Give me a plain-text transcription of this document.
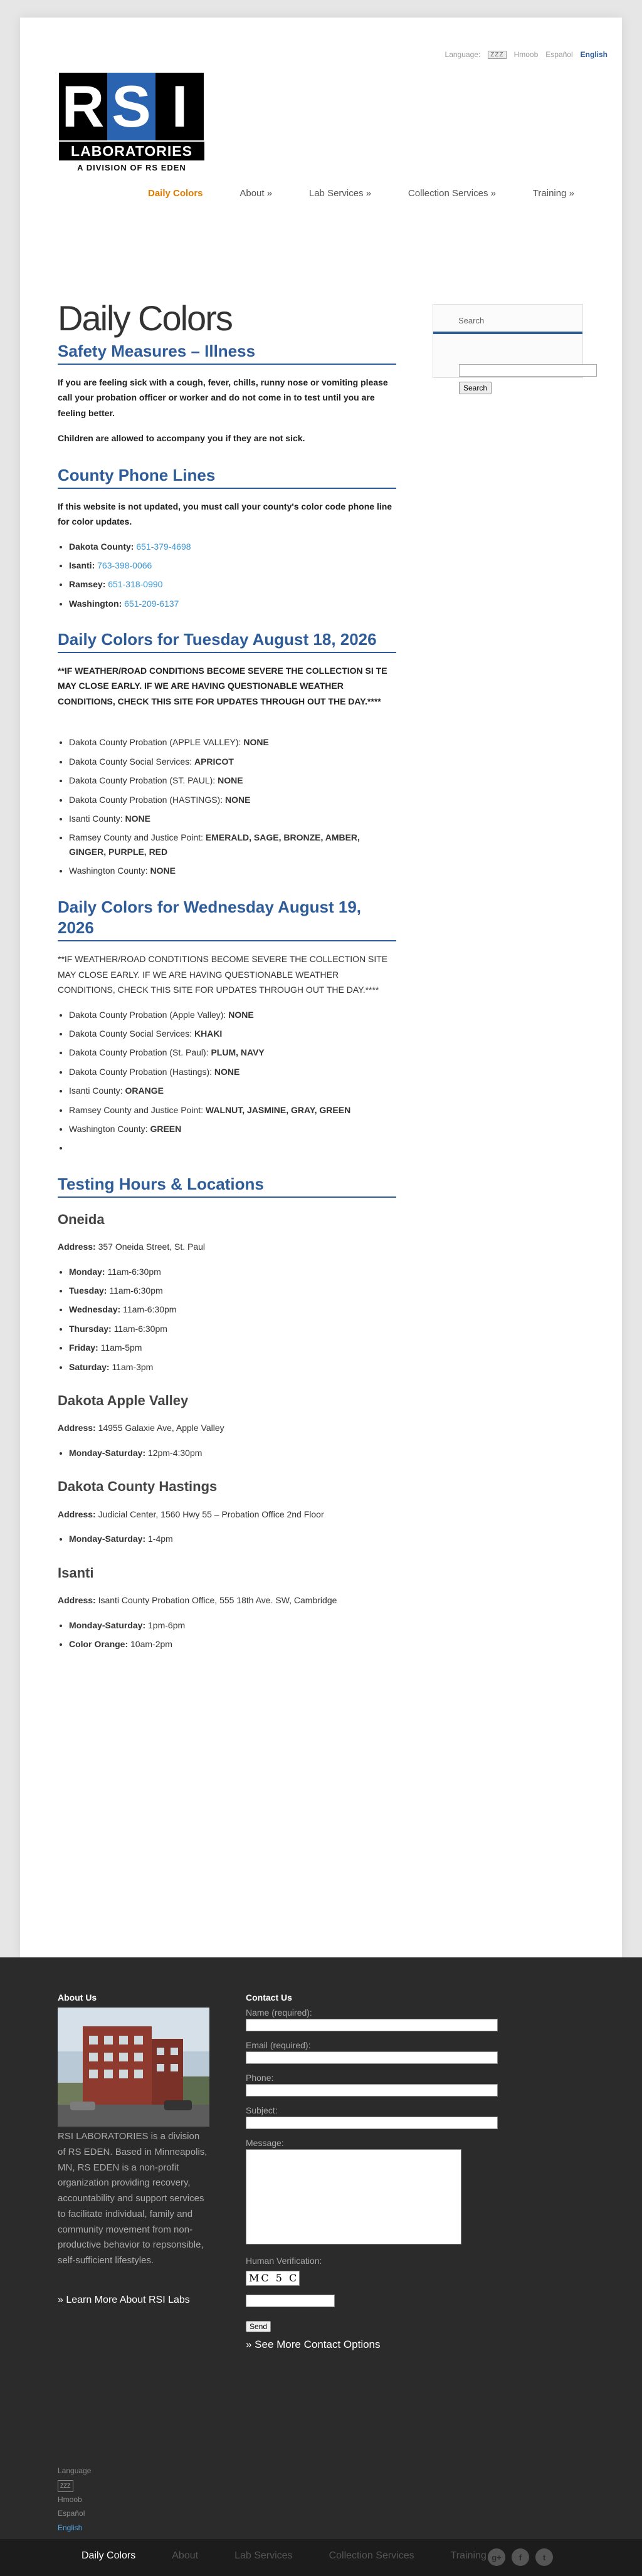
Language:	ZZZ	Hmoob Español English
R S I
LABORATORIES
A DIVISION OF RS EDEN
Daily Colors	About »	Lab Services »	Collection Services »	Training »
Search
Search
Daily Colors
Safety Measures – Illness

If you are feeling sick with a cough, fever, chills, runny nose or vomiting please call your probation officer or worker and do not come in to test until you are feeling better.

Children are allowed to accompany you if they are not sick.

County Phone Lines

If this website is not updated, you must call your county's color code phone line for color updates.

• Dakota County: 651-379-4698
• Isanti: 763-398-0066
• Ramsey: 651-318-0990
• Washington: 651-209-6137
Daily Colors for Tuesday August 18, 2026

**IF WEATHER/ROAD CONDITIONS BECOME SEVERE THE COLLECTION SI TE MAY CLOSE EARLY. IF WE ARE HAVING QUESTIONABLE WEATHER CONDITIONS, CHECK THIS SITE FOR UPDATES THROUGH OUT THE DAY.****

• Dakota County Probation (APPLE VALLEY): NONE
• Dakota County Social Services: APRICOT
• Dakota County Probation (ST. PAUL): NONE
• Dakota County Probation (HASTINGS): NONE
• Isanti County: NONE
• Ramsey County and Justice Point: EMERALD, SAGE, BRONZE, AMBER, GINGER, PURPLE, RED
• Washington County: NONE
Daily Colors for Wednesday August 19, 2026

**IF WEATHER/ROAD CONDTITIONS BECOME SEVERE THE COLLECTION SITE MAY CLOSE EARLY. IF WE ARE HAVING QUESTIONABLE WEATHER CONDITIONS, CHECK THIS SITE FOR UPDATES THROUGH OUT THE DAY.****

• Dakota County Probation (Apple Valley): NONE
• Dakota County Social Services: KHAKI
• Dakota County Probation (St. Paul): PLUM, NAVY
• Dakota County Probation (Hastings): NONE
• Isanti County: ORANGE
• Ramsey County and Justice Point: WALNUT, JASMINE, GRAY, GREEN
• Washington County: GREEN
•
Testing Hours & Locations
Oneida

Address: 357 Oneida Street, St. Paul

• Monday: 11am-6:30pm
• Tuesday: 11am-6:30pm
• Wednesday: 11am-6:30pm
• Thursday: 11am-6:30pm
• Friday: 11am-5pm
• Saturday: 11am-3pm
Dakota Apple Valley

Address: 14955 Galaxie Ave, Apple Valley

• Monday-Saturday: 12pm-4:30pm
Dakota County Hastings

Address: Judicial Center, 1560 Hwy 55 – Probation Office 2nd Floor

• Monday-Saturday: 1-4pm
Isanti

Address: Isanti County Probation Office, 555 18th Ave. SW, Cambridge

• Monday-Saturday: 1pm-6pm
• Color Orange: 10am-2pm
About Us
RSI LABORATORIES is a division of RS EDEN. Based in Minneapolis, MN, RS EDEN is a non-profit organization providing recovery, accountability and support services to facilitate individual, family and community movement from non-productive behavior to repsonsible, self-sufficient lifestyles.
» Learn More About RSI Labs
Contact Us
Name (required):
Email (required):
Phone:
Subject:
Message:
Human Verification:
MC 5 C
Send
» See More Contact Options
Language
ZZZ
Hmoob
Español
English
Daily Colors	About	Lab Services	Collection Services	Training g+	f	t
